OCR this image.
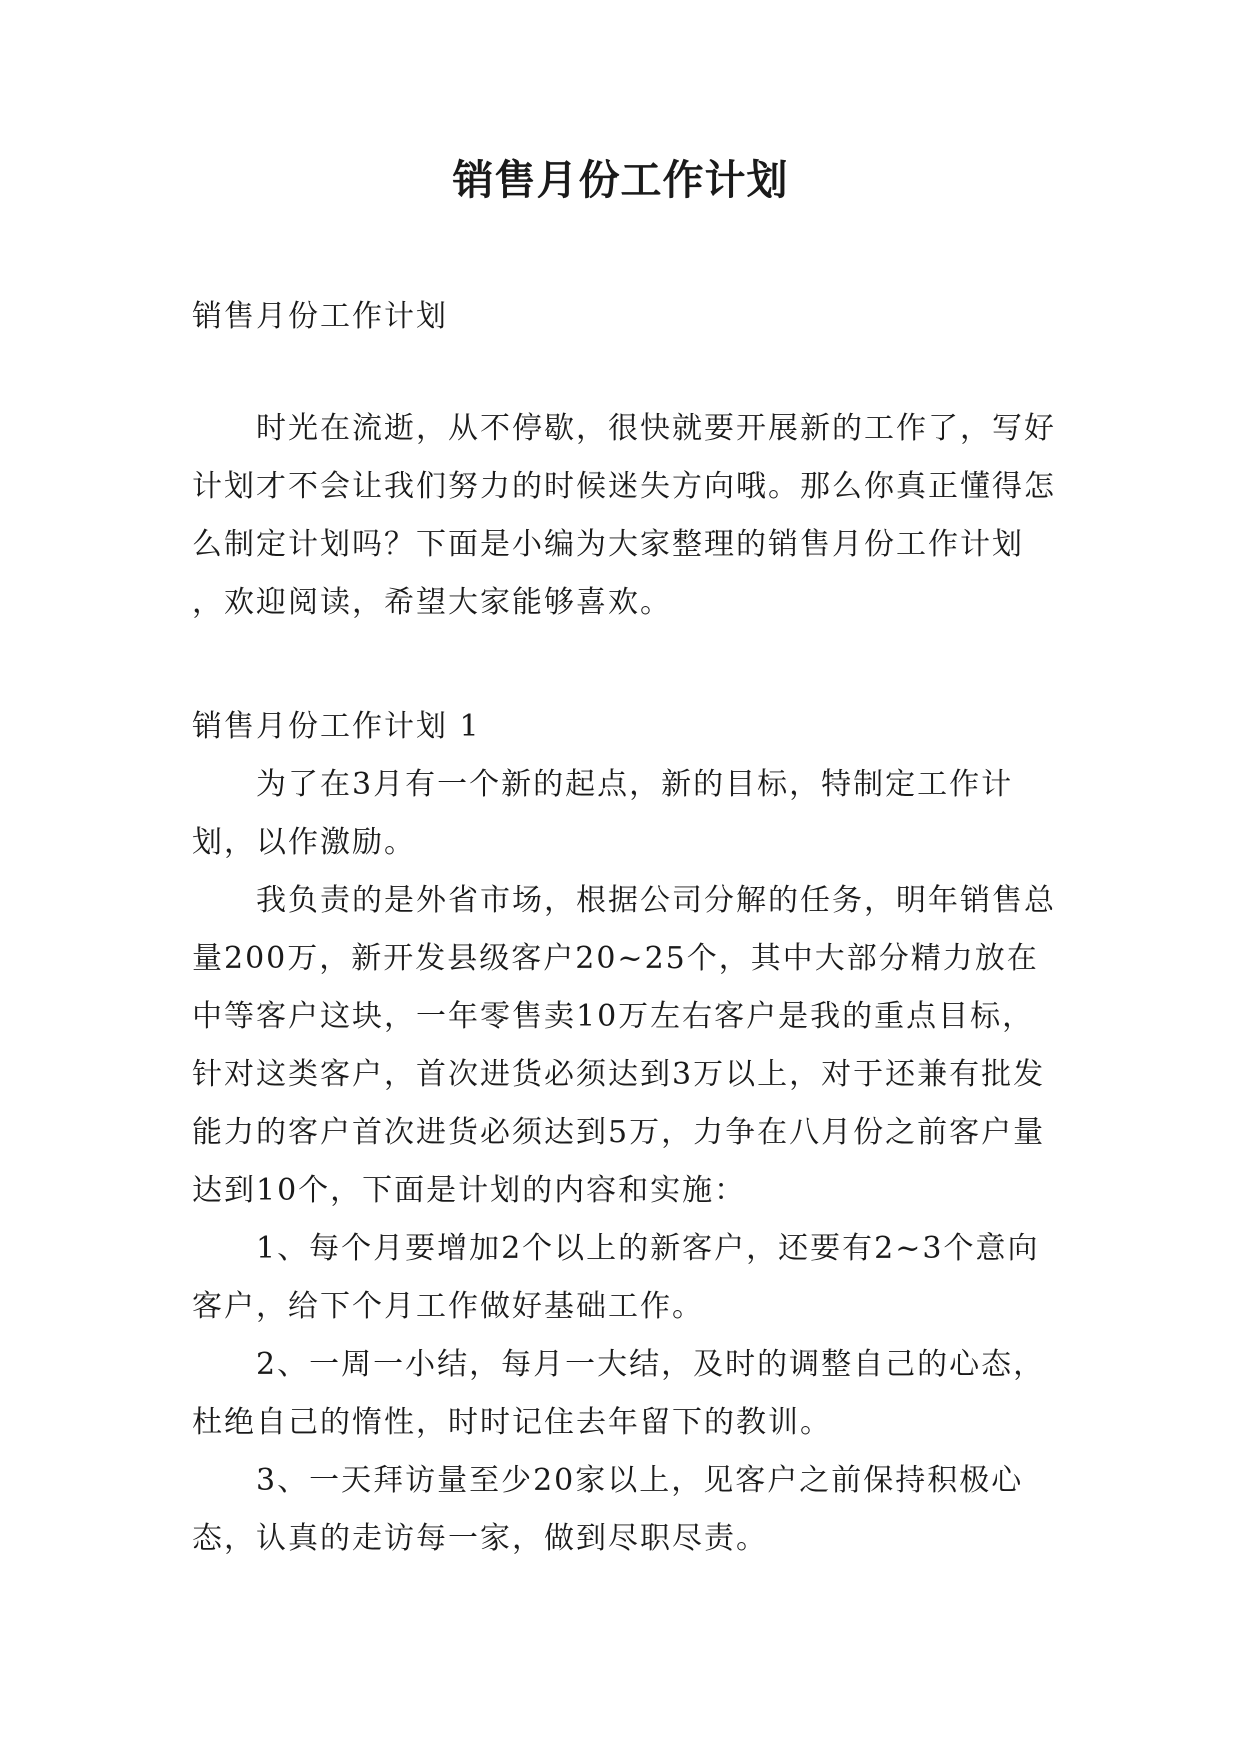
销售月份工作计划

销售月份工作计划

时光在流逝，从不停歇，很快就要开展新的工作了，写好计划才不会让我们努力的时候迷失方向哦。那么你真正懂得怎么制定计划吗？下面是小编为大家整理的销售月份工作计划 ，欢迎阅读，希望大家能够喜欢。

销售月份工作计划 1

为了在3月有一个新的起点，新的目标，特制定工作计划，以作激励。

我负责的是外省市场，根据公司分解的任务，明年销售总量200万，新开发县级客户20~25个，其中大部分精力放在中等客户这块，一年零售卖10万左右客户是我的重点目标，针对这类客户，首次进货必须达到3万以上，对于还兼有批发能力的客户首次进货必须达到5万，力争在八月份之前客户量达到10个，下面是计划的内容和实施：

1、每个月要增加2个以上的新客户，还要有2~3个意向客户，给下个月工作做好基础工作。

2、一周一小结，每月一大结，及时的调整自己的心态，杜绝自己的惰性，时时记住去年留下的教训。

3、一天拜访量至少20家以上，见客户之前保持积极心态，认真的走访每一家，做到尽职尽责。
